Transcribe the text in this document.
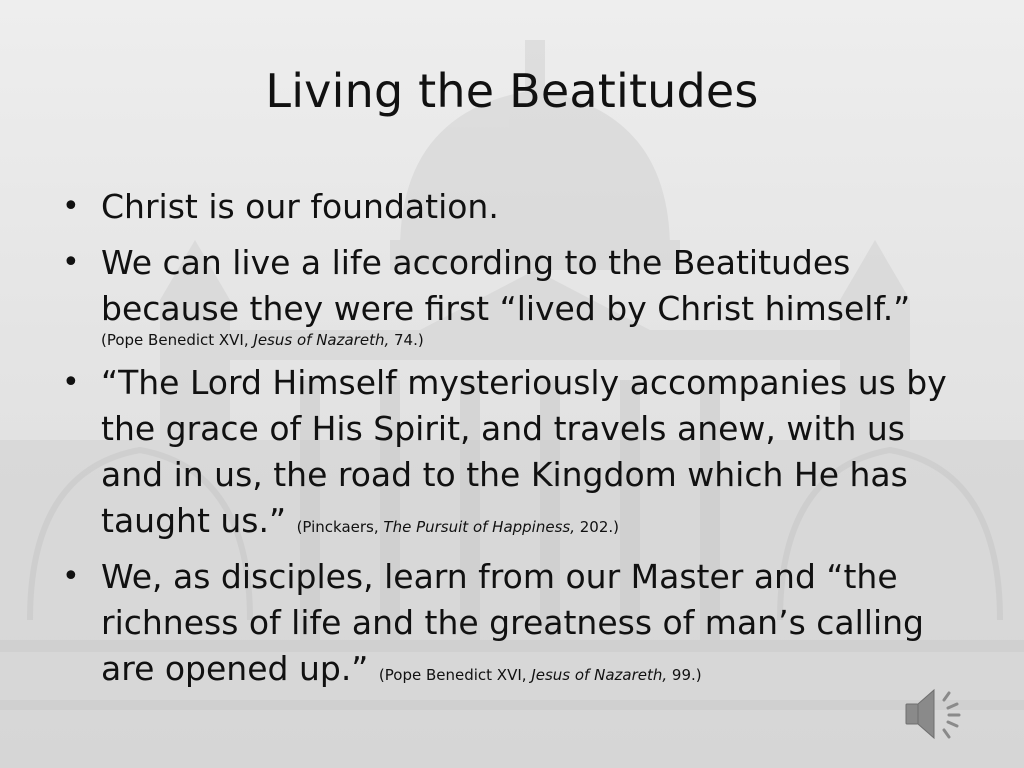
Living the Beatitudes
• Christ is our foundation.
• We can live a life according to the Beatitudes because they were first “lived by Christ himself.”
(Pope Benedict XVI, Jesus of Nazareth, 74.)
• “The Lord Himself mysteriously accompanies us by the grace of His Spirit, and travels anew, with us and in us, the road to the Kingdom which He has taught us.” (Pinckaers, The Pursuit of Happiness, 202.)
• We, as disciples, learn from our Master and “the richness of life and the greatness of man’s calling are opened up.” (Pope Benedict XVI, Jesus of Nazareth, 99.)
